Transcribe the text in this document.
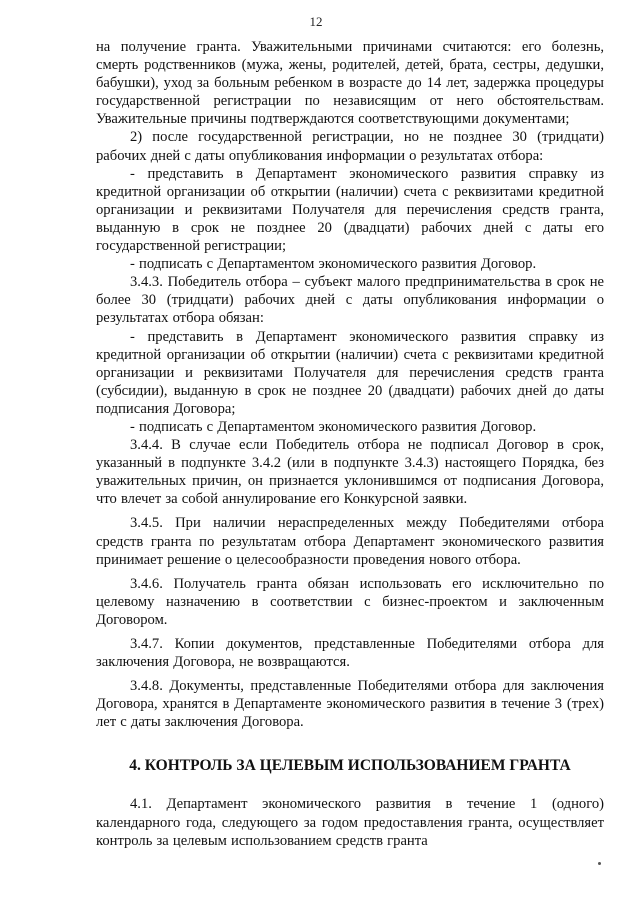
12

на получение гранта. Уважительными причинами считаются: его болезнь, смерть родственников (мужа, жены, родителей, детей, брата, сестры, дедушки, бабушки), уход за больным ребенком в возрасте до 14 лет, задержка процедуры государственной регистрации по независящим от него обстоятельствам. Уважительные причины подтверждаются соответствующими документами;

2) после государственной регистрации, но не позднее 30 (тридцати) рабочих дней с даты опубликования информации о результатах отбора:

- представить в Департамент экономического развития справку из кредитной организации об открытии (наличии) счета с реквизитами кредитной организации и реквизитами Получателя для перечисления средств гранта, выданную в срок не позднее 20 (двадцати) рабочих дней с даты его государственной регистрации;

- подписать с Департаментом экономического развития Договор.

3.4.3. Победитель отбора – субъект малого предпринимательства в срок не более 30 (тридцати) рабочих дней с даты опубликования информации о результатах отбора обязан:

- представить в Департамент экономического развития справку из кредитной организации об открытии (наличии) счета с реквизитами кредитной организации и реквизитами Получателя для перечисления средств гранта (субсидии), выданную в срок не позднее 20 (двадцати) рабочих дней до даты подписания Договора;

- подписать с Департаментом экономического развития Договор.

3.4.4. В случае если Победитель отбора не подписал Договор в срок, указанный в подпункте 3.4.2 (или в подпункте 3.4.3) настоящего Порядка, без уважительных причин, он признается уклонившимся от подписания Договора, что влечет за собой аннулирование его Конкурсной заявки.

3.4.5. При наличии нераспределенных между Победителями отбора средств гранта по результатам отбора Департамент экономического развития принимает решение о целесообразности проведения нового отбора.

3.4.6. Получатель гранта обязан использовать его исключительно по целевому назначению в соответствии с бизнес-проектом и заключенным Договором.

3.4.7. Копии документов, представленные Победителями отбора для заключения Договора, не возвращаются.

3.4.8. Документы, представленные Победителями отбора для заключения Договора, хранятся в Департаменте экономического развития в течение 3 (трех) лет с даты заключения Договора.

4. КОНТРОЛЬ ЗА ЦЕЛЕВЫМ ИСПОЛЬЗОВАНИЕМ ГРАНТА

4.1. Департамент экономического развития в течение 1 (одного) календарного года, следующего за годом предоставления гранта, осуществляет контроль за целевым использованием средств гранта
